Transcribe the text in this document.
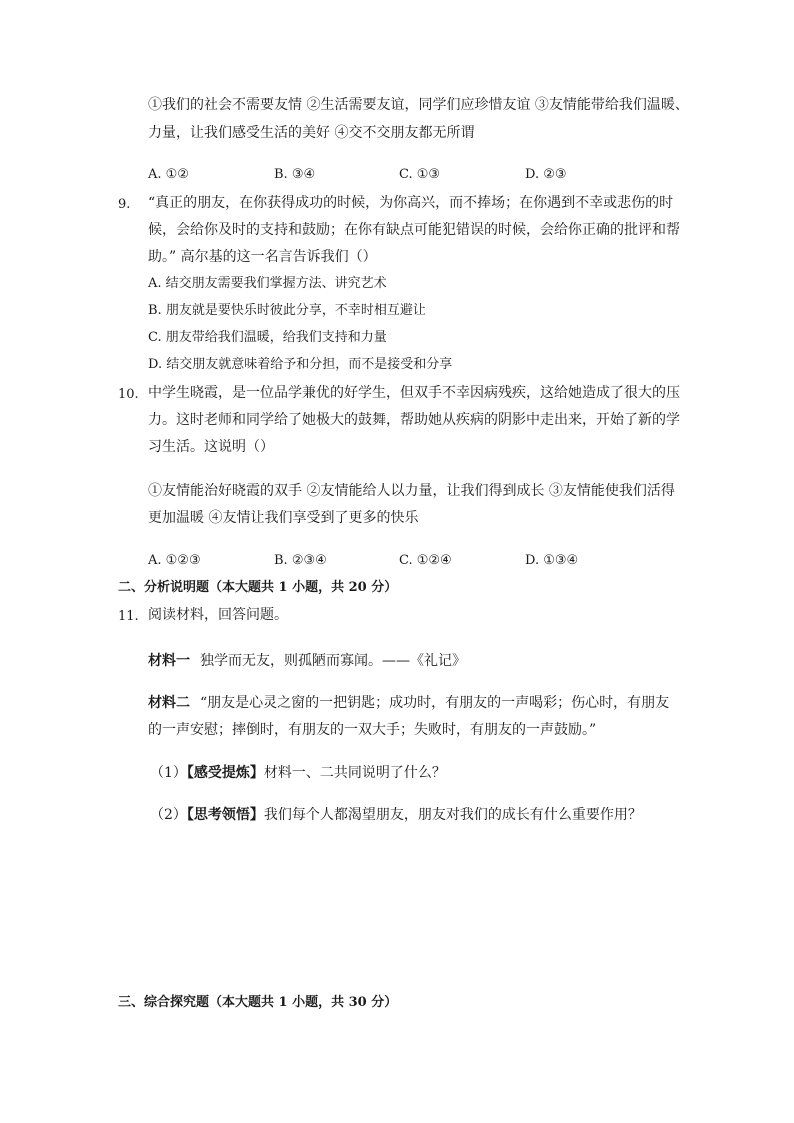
①我们的社会不需要友情 ②生活需要友谊，同学们应珍惜友谊 ③友情能带给我们温暖、
力量，让我们感受生活的美好 ④交不交朋友都无所谓
A. ①②	B. ③④	C. ①③	D. ②③
9. “真正的朋友，在你获得成功的时候，为你高兴，而不捧场；在你遇到不幸或悲伤的时
候，会给你及时的支持和鼓励；在你有缺点可能犯错误的时候，会给你正确的批评和帮
助。” 高尔基的这一名言告诉我们（）
A. 结交朋友需要我们掌握方法、讲究艺术
B. 朋友就是要快乐时彼此分享，不幸时相互避让
C. 朋友带给我们温暖，给我们支持和力量
D. 结交朋友就意味着给予和分担，而不是接受和分享
10. 中学生晓霞，是一位品学兼优的好学生，但双手不幸因病残疾，这给她造成了很大的压
力。这时老师和同学给了她极大的鼓舞，帮助她从疾病的阴影中走出来，开始了新的学
习生活。这说明（）
①友情能治好晓霞的双手 ②友情能给人以力量，让我们得到成长 ③友情能使我们活得
更加温暖 ④友情让我们享受到了更多的快乐
A. ①②③	B. ②③④	C. ①②④	D. ①③④
二、分析说明题（本大题共 1 小题，共 20 分）
11. 阅读材料，回答问题。
材料一 独学而无友，则孤陋而寡闻。——《礼记》
材料二 “朋友是心灵之窗的一把钥匙；成功时，有朋友的一声喝彩；伤心时，有朋友
的一声安慰；摔倒时，有朋友的一双大手；失败时，有朋友的一声鼓励。”
（1）【感受提炼】材料一、二共同说明了什么？
（2）【思考领悟】我们每个人都渴望朋友，朋友对我们的成长有什么重要作用？
三、综合探究题（本大题共 1 小题，共 30 分）
